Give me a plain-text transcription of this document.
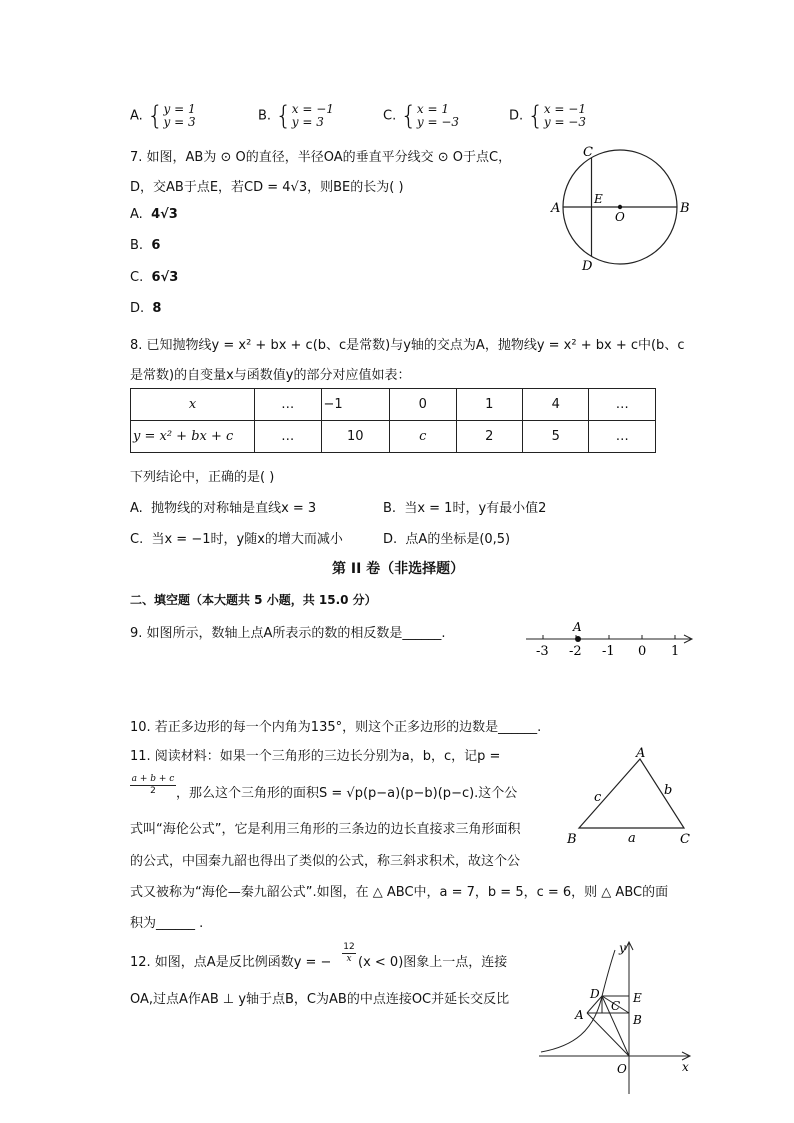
A. {y = 1
y = 3	B. {x = −1
y = 3	C. {x = 1
y = −3	D. {x = −1
y = −3
7. 如图，AB为 ⊙ O的直径，半径OA的垂直平分线交 ⊙ O于点C，
D，交AB于点E，若CD = 4√3，则BE的长为( )
A. 4√3
B. 6
C. 6√3
D. 8
C
D
A	B
E
O
8. 已知抛物线y = x² + bx + c(b、c是常数)与y轴的交点为A，抛物线y = x² + bx + c中(b、c
是常数)的自变量x与函数值y的部分对应值如表：
x	…	−1	0	1	4	…
y = x² + bx + c	…	10	c	2	5	…
下列结论中，正确的是( )
A. 抛物线的对称轴是直线x = 3	B. 当x = 1时，y有最小值2
C. 当x = −1时，y随x的增大而减小	D. 点A的坐标是(0,5)
第 II 卷（非选择题）
二、填空题（本大题共 5 小题，共 15.0 分）
9. 如图所示，数轴上点A所表示的数的相反数是______.	A
-3 -2 -1 0 1
10. 若正多边形的每一个内角为135°，则这个正多边形的边数是______.
11. 阅读材料：如果一个三角形的三边长分别为a，b，c，记p =
a + b + c
2	，那么这个三角形的面积S = √p(p−a)(p−b)(p−c).这个公
式叫“海伦公式”，它是利用三角形的三条边的边长直接求三角形面积
的公式，中国秦九韶也得出了类似的公式，称三斜求积术，故这个公
式又被称为“海伦—秦九韶公式”.如图，在 △ ABC中，a = 7，b = 5，c = 6，则 △ ABC的面
积为______ .
A
B	C
a
b
c
12. 如图，点A是反比例函数y = −
12
x (x < 0)图象上一点，连接
OA,过点A作AB ⊥ y轴于点B，C为AB的中点连接OC并延长交反比
y
x
O
A	B
C
D	E
